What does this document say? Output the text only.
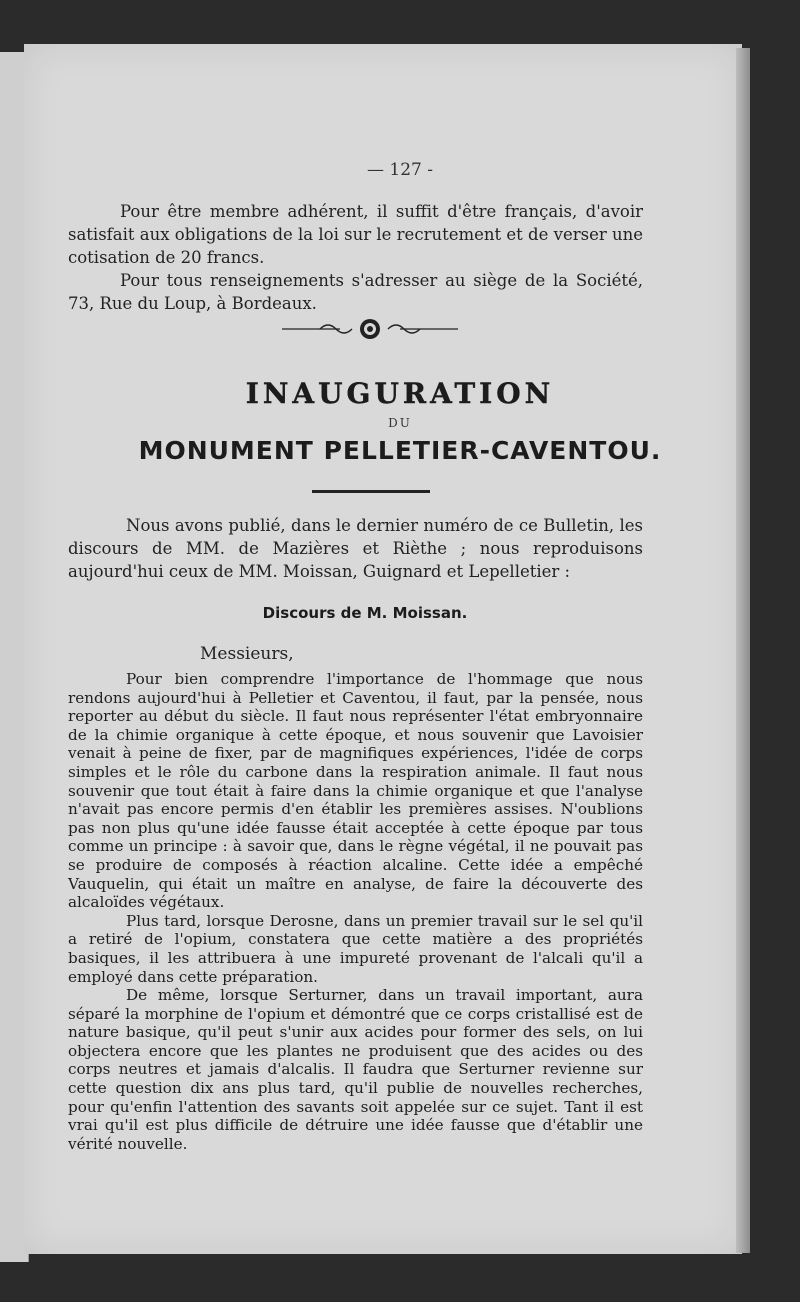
— 127 -

Pour être membre adhérent, il suffit d'être français, d'avoir satisfait aux obligations de la loi sur le recrutement et de verser une cotisation de 20 francs.

Pour tous renseignements s'adresser au siège de la Société, 73, Rue du Loup, à Bordeaux.

INAUGURATION
DU
MONUMENT PELLETIER-CAVENTOU.

Nous avons publié, dans le dernier numéro de ce Bulletin, les discours de MM. de Mazières et Rièthe ; nous reproduisons aujourd'hui ceux de MM. Moissan, Guignard et Lepelletier :

Discours de M. Moissan.
Messieurs,

Pour bien comprendre l'importance de l'hommage que nous rendons aujourd'hui à Pelletier et Caventou, il faut, par la pensée, nous reporter au début du siècle. Il faut nous représenter l'état embryonnaire de la chimie organique à cette époque, et nous souvenir que Lavoisier venait à peine de fixer, par de magnifiques expériences, l'idée de corps simples et le rôle du carbone dans la respiration animale. Il faut nous souvenir que tout était à faire dans la chimie organique et que l'analyse n'avait pas encore permis d'en établir les premières assises. N'oublions pas non plus qu'une idée fausse était acceptée à cette époque par tous comme un principe : à savoir que, dans le règne végétal, il ne pouvait pas se produire de composés à réaction alcaline. Cette idée a empêché Vauquelin, qui était un maître en analyse, de faire la découverte des alcaloïdes végétaux.

Plus tard, lorsque Derosne, dans un premier travail sur le sel qu'il a retiré de l'opium, constatera que cette matière a des propriétés basiques, il les attribuera à une impureté provenant de l'alcali qu'il a employé dans cette préparation.

De même, lorsque Serturner, dans un travail important, aura séparé la morphine de l'opium et démontré que ce corps cristallisé est de nature basique, qu'il peut s'unir aux acides pour former des sels, on lui objectera encore que les plantes ne produisent que des acides ou des corps neutres et jamais d'alcalis. Il faudra que Serturner revienne sur cette question dix ans plus tard, qu'il publie de nouvelles recherches, pour qu'enfin l'attention des savants soit appelée sur ce sujet. Tant il est vrai qu'il est plus difficile de détruire une idée fausse que d'établir une vérité nouvelle.
